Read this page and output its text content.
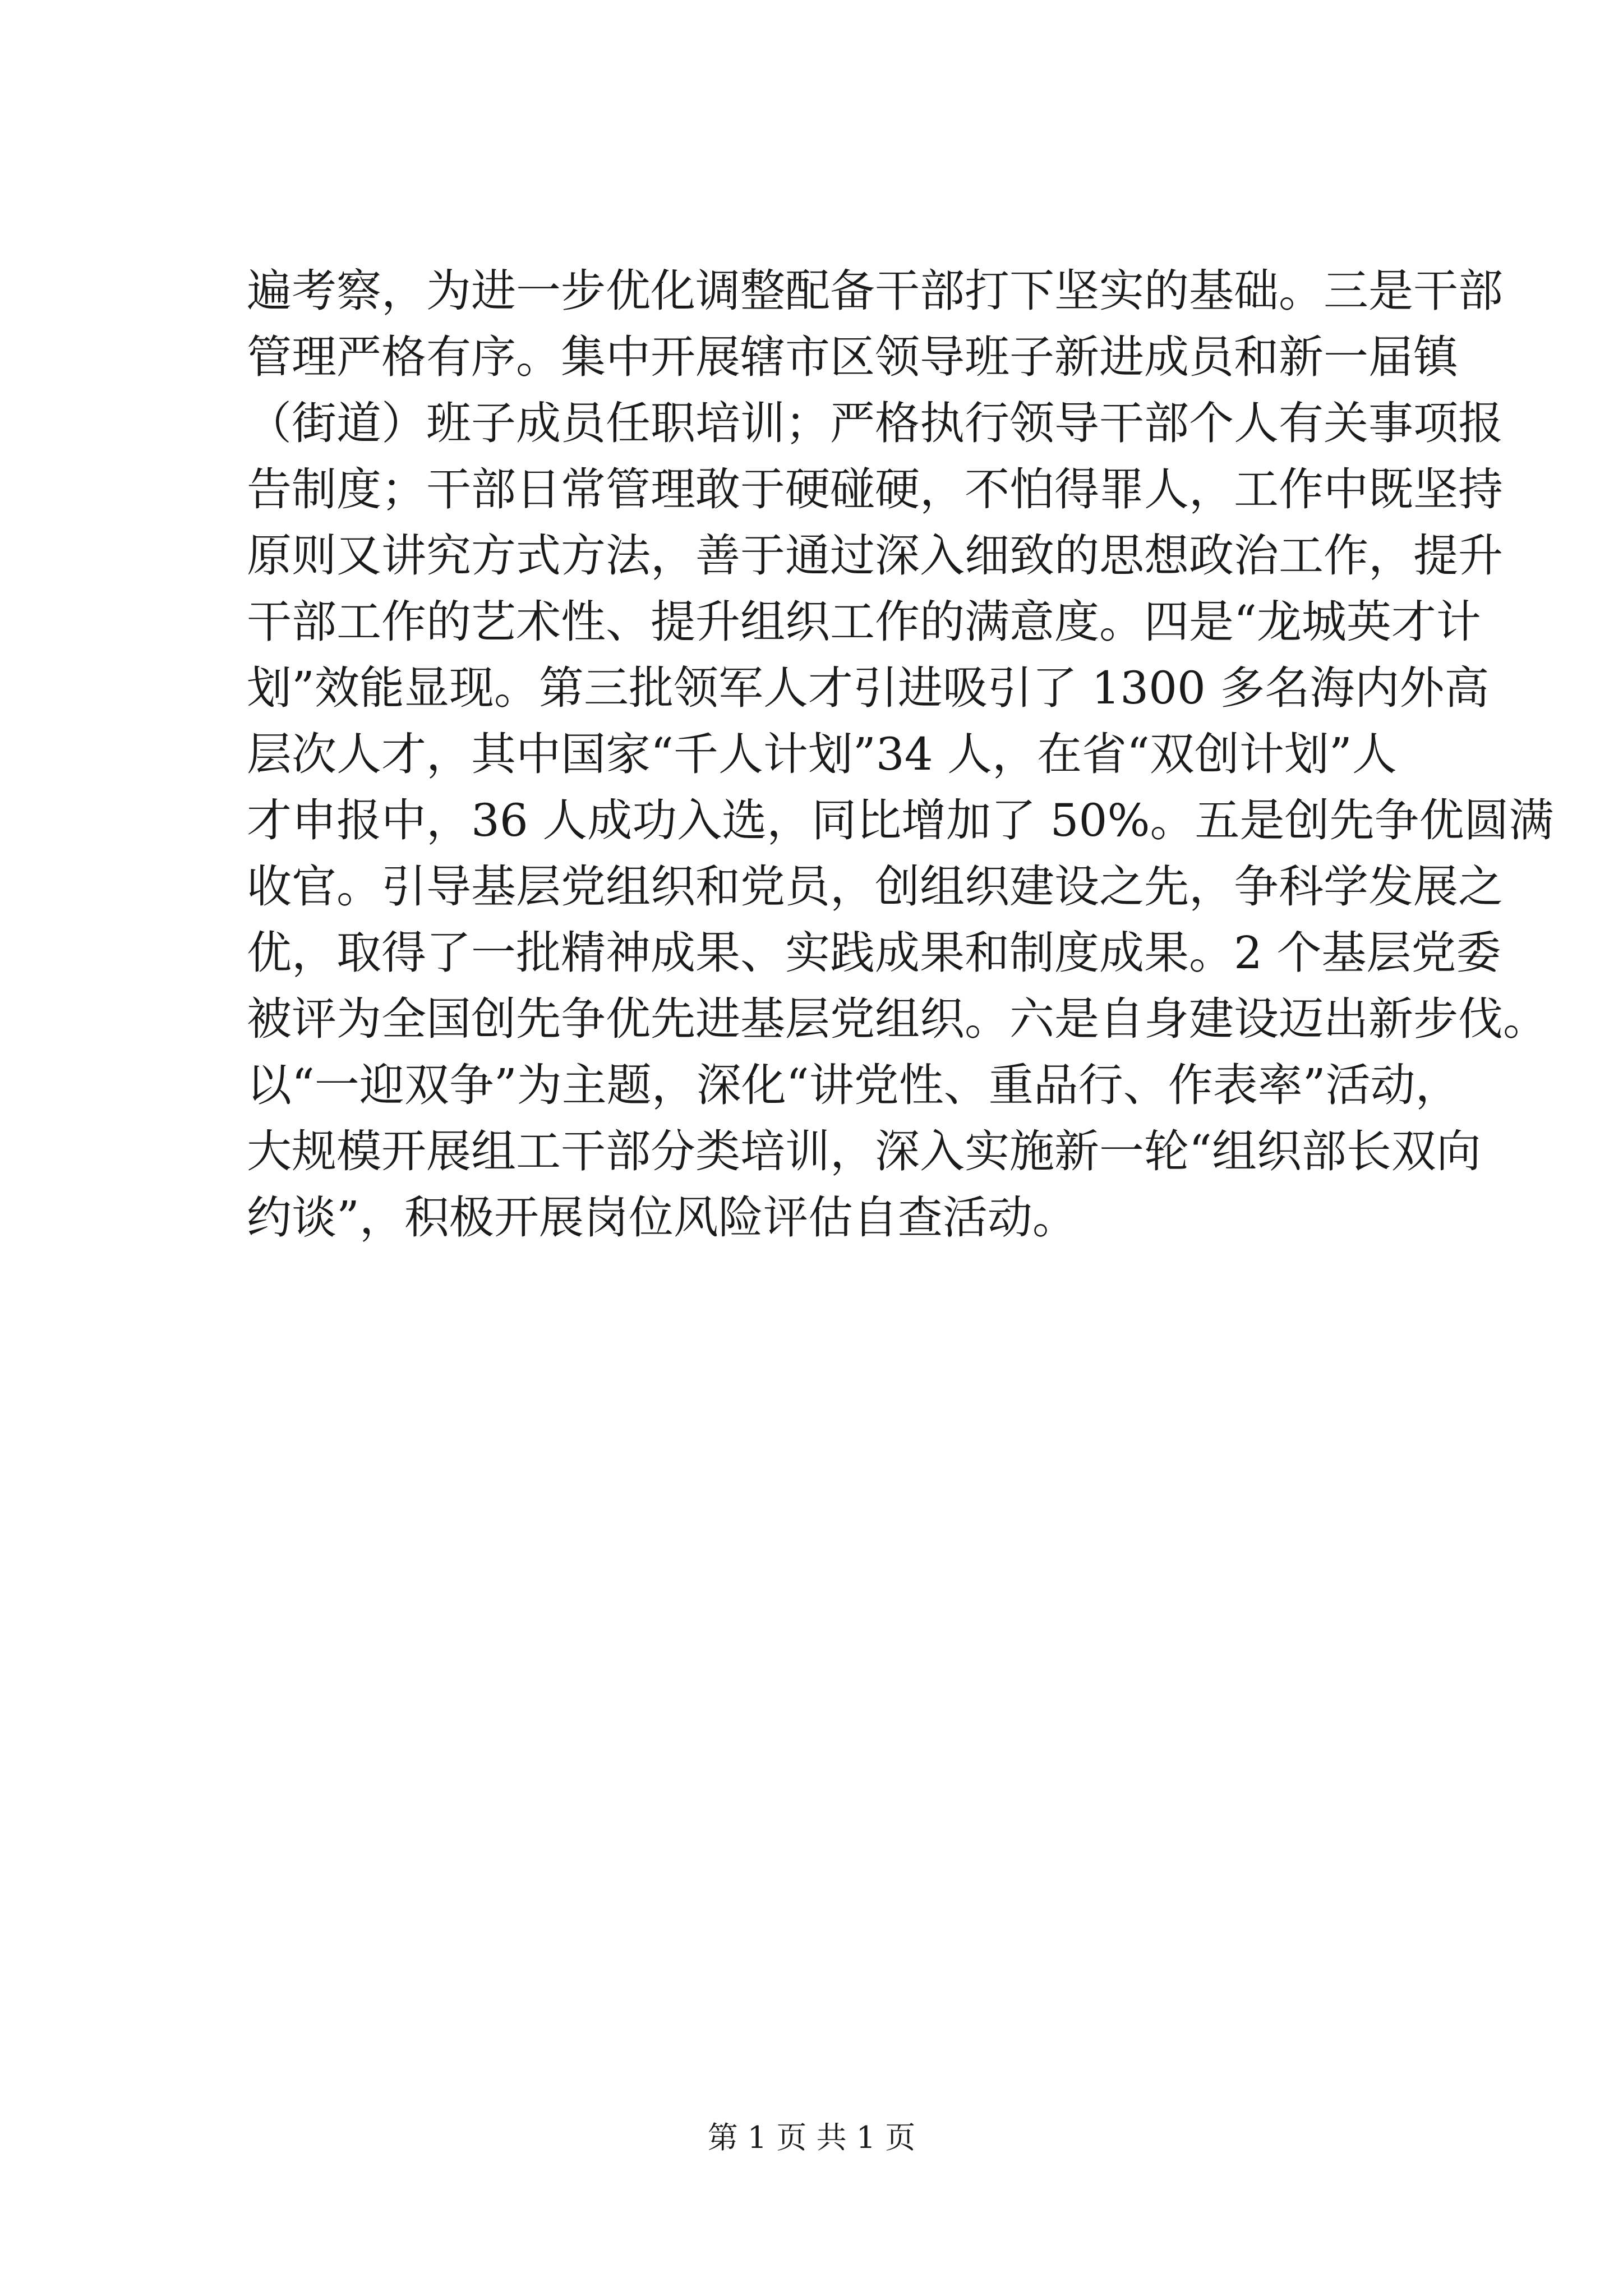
遍考察，为进一步优化调整配备干部打下坚实的基础。三是干部
管理严格有序。集中开展辖市区领导班子新进成员和新一届镇
（街道）班子成员任职培训；严格执行领导干部个人有关事项报
告制度；干部日常管理敢于硬碰硬，不怕得罪人，工作中既坚持
原则又讲究方式方法，善于通过深入细致的思想政治工作，提升
干部工作的艺术性、提升组织工作的满意度。四是“龙城英才计
划”效能显现。第三批领军人才引进吸引了 1300 多名海内外高
层次人才，其中国家“千人计划”34 人，在省“双创计划”人
才申报中，36 人成功入选，同比增加了 50%。五是创先争优圆满
收官。引导基层党组织和党员，创组织建设之先，争科学发展之
优，取得了一批精神成果、实践成果和制度成果。2 个基层党委
被评为全国创先争优先进基层党组织。六是自身建设迈出新步伐。
以“一迎双争”为主题，深化“讲党性、重品行、作表率”活动，
大规模开展组工干部分类培训，深入实施新一轮“组织部长双向
约谈”，积极开展岗位风险评估自查活动。
第 1 页 共 1 页
